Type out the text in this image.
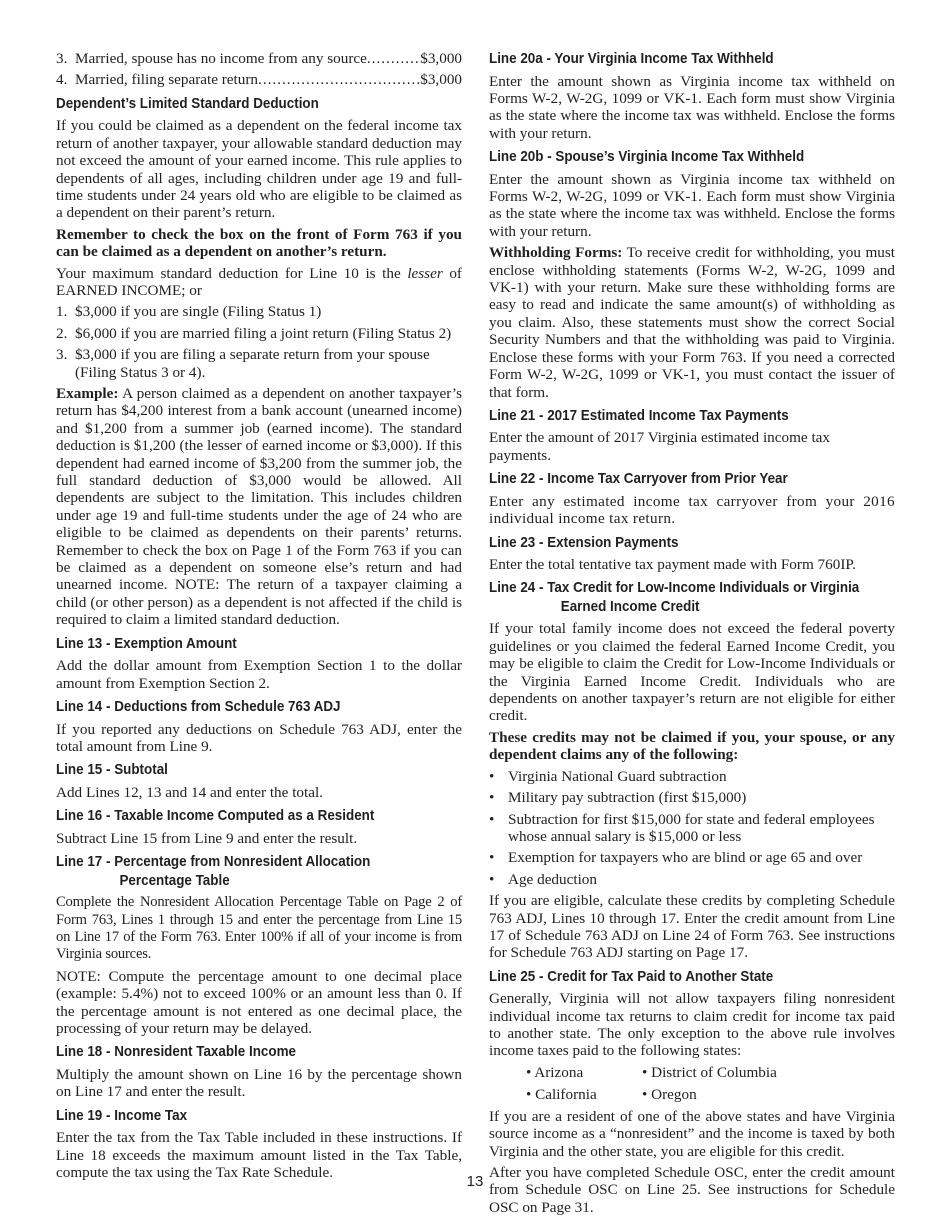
3. Married, spouse has no income from any source .....	$3,000
4. Married, filing separate return .....	$3,000
Dependent’s Limited Standard Deduction

If you could be claimed as a dependent on the federal income tax return of another taxpayer, your allowable standard deduction may not exceed the amount of your earned income. This rule applies to dependents of all ages, including children under age 19 and full-time students under 24 years old who are eligible to be claimed as a dependent on their parent’s return.

Remember to check the box on the front of Form 763 if you can be claimed as a dependent on another’s return.

Your maximum standard deduction for Line 10 is the lesser of EARNED INCOME; or

1. $3,000 if you are single (Filing Status 1)
2. $6,000 if you are married filing a joint return (Filing Status 2)
3. $3,000 if you are filing a separate return from your spouse (Filing Status 3 or 4).

Example: A person claimed as a dependent on another taxpayer’s return has $4,200 interest from a bank account (unearned income) and $1,200 from a summer job (earned income). The standard deduction is $1,200 (the lesser of earned income or $3,000). If this dependent had earned income of $3,200 from the summer job, the full standard deduction of $3,000 would be allowed. All dependents are subject to the limitation. This includes children under age 19 and full-time students under the age of 24 who are eligible to be claimed as dependents on their parents’ returns. Remember to check the box on Page 1 of the Form 763 if you can be claimed as a dependent on someone else’s return and had unearned income. NOTE: The return of a taxpayer claiming a child (or other person) as a dependent is not affected if the child is required to claim a limited standard deduction.

Line 13 - Exemption Amount

Add the dollar amount from Exemption Section 1 to the dollar amount from Exemption Section 2.

Line 14 - Deductions from Schedule 763 ADJ

If you reported any deductions on Schedule 763 ADJ, enter the total amount from Line 9.

Line 15 - Subtotal

Add Lines 12, 13 and 14 and enter the total.

Line 16 - Taxable Income Computed as a Resident

Subtract Line 15 from Line 9 and enter the result.

Line 17 - Percentage from Nonresident Allocation
Percentage Table

Complete the Nonresident Allocation Percentage Table on Page 2 of Form 763, Lines 1 through 15 and enter the percentage from Line 15 on Line 17 of the Form 763. Enter 100% if all of your income is from Virginia sources.

NOTE: Compute the percentage amount to one decimal place (example: 5.4%) not to exceed 100% or an amount less than 0. If the percentage amount is not entered as one decimal place, the processing of your return may be delayed.

Line 18 - Nonresident Taxable Income

Multiply the amount shown on Line 16 by the percentage shown on Line 17 and enter the result.

Line 19 - Income Tax

Enter the tax from the Tax Table included in these instructions. If Line 18 exceeds the maximum amount listed in the Tax Table, compute the tax using the Tax Rate Schedule.

Line 20a - Your Virginia Income Tax Withheld

Enter the amount shown as Virginia income tax withheld on Forms W-2, W-2G, 1099 or VK-1. Each form must show Virginia as the state where the income tax was withheld. Enclose the forms with your return.

Line 20b - Spouse’s Virginia Income Tax Withheld

Enter the amount shown as Virginia income tax withheld on Forms W-2, W-2G, 1099 or VK-1. Each form must show Virginia as the state where the income tax was withheld. Enclose the forms with your return.

Withholding Forms: To receive credit for withholding, you must enclose withholding statements (Forms W-2, W-2G, 1099 and VK-1) with your return. Make sure these withholding forms are easy to read and indicate the same amount(s) of withholding as you claim. Also, these statements must show the correct Social Security Numbers and that the withholding was paid to Virginia. Enclose these forms with your Form 763. If you need a corrected Form W-2, W-2G, 1099 or VK-1, you must contact the issuer of that form.

Line 21 - 2017 Estimated Income Tax Payments

Enter the amount of 2017 Virginia estimated income tax payments.

Line 22 - Income Tax Carryover from Prior Year

Enter any estimated income tax carryover from your 2016 individual income tax return.

Line 23 - Extension Payments

Enter the total tentative tax payment made with Form 760IP.

Line 24 - Tax Credit for Low-Income Individuals or Virginia
Earned Income Credit

If your total family income does not exceed the federal poverty guidelines or you claimed the federal Earned Income Credit, you may be eligible to claim the Credit for Low-Income Individuals or the Virginia Earned Income Credit. Individuals who are dependents on another taxpayer’s return are not eligible for either credit.

These credits may not be claimed if you, your spouse, or any dependent claims any of the following:

• Virginia National Guard subtraction
• Military pay subtraction (first $15,000)
• Subtraction for first $15,000 for state and federal employees whose annual salary is $15,000 or less
• Exemption for taxpayers who are blind or age 65 and over
• Age deduction

If you are eligible, calculate these credits by completing Schedule 763 ADJ, Lines 10 through 17. Enter the credit amount from Line 17 of Schedule 763 ADJ on Line 24 of Form 763. See instructions for Schedule 763 ADJ starting on Page 17.

Line 25 - Credit for Tax Paid to Another State

Generally, Virginia will not allow taxpayers filing nonresident individual income tax returns to claim credit for income tax paid to another state. The only exception to the above rule involves income taxes paid to the following states:

• Arizona	• District of Columbia
• California	• Oregon

If you are a resident of one of the above states and have Virginia source income as a “nonresident” and the income is taxed by both Virginia and the other state, you are eligible for this credit.

After you have completed Schedule OSC, enter the credit amount from Schedule OSC on Line 25. See instructions for Schedule OSC on Page 31.

13
